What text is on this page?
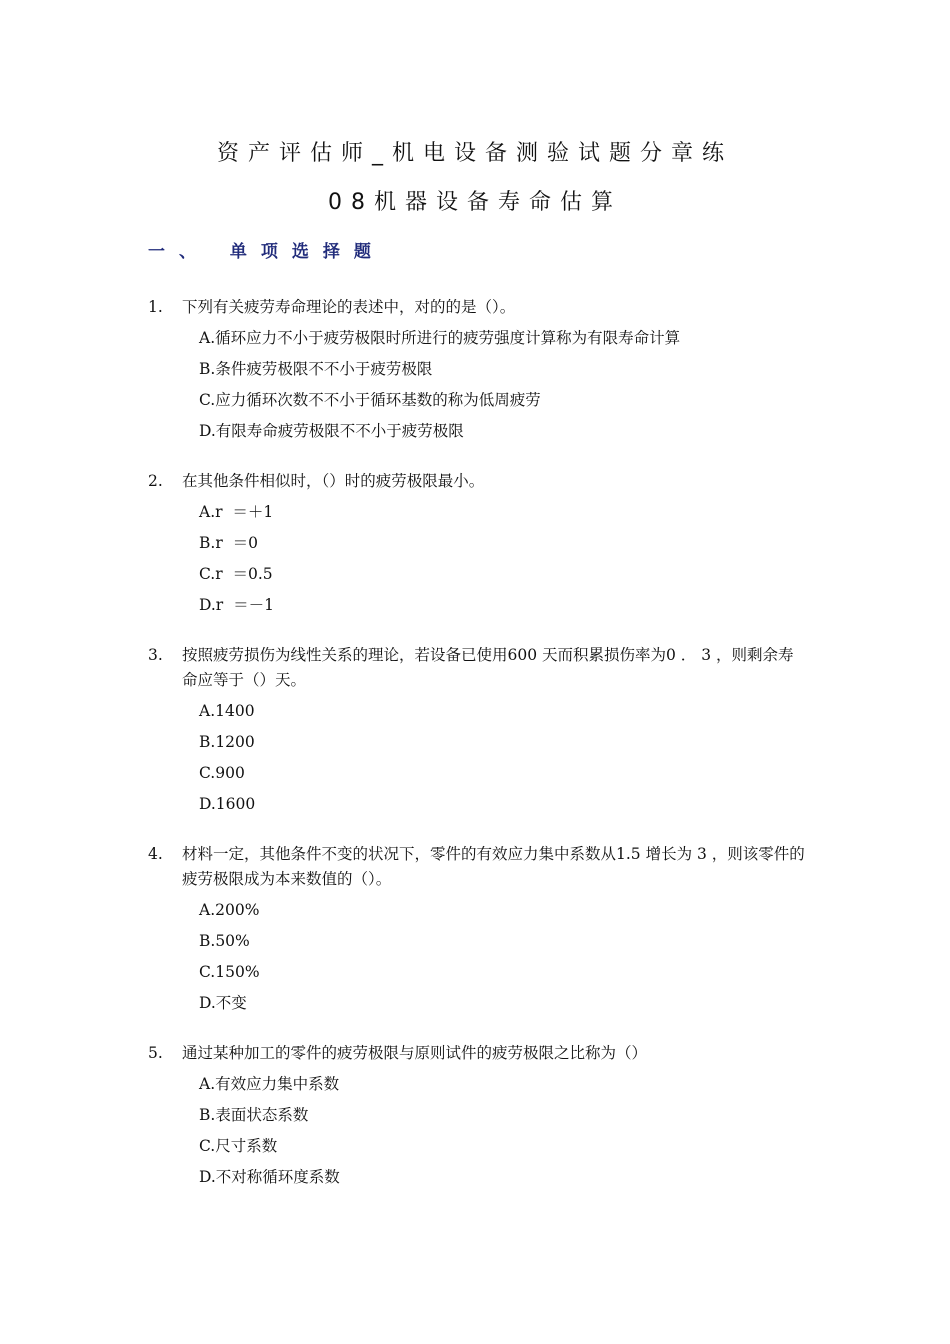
资产评估师_机电设备测验试题分章练
08机器设备寿命估算
一、 单项选择题
1.	下列有关疲劳寿命理论的表述中，对的的是（）。
A.循环应力不小于疲劳极限时所进行的疲劳强度计算称为有限寿命计算
B.条件疲劳极限不不小于疲劳极限
C.应力循环次数不不小于循环基数的称为低周疲劳
D.有限寿命疲劳极限不不小于疲劳极限
2.	在其他条件相似时，（）时的疲劳极限最小。
A.r  ＝＋1
B.r  ＝0
C.r  ＝0.5
D.r  ＝－1
3.	按照疲劳损伤为线性关系的理论，若设备已使用600 天而积累损伤率为0 ． 3 ，则剩余寿命应等于（）天。
A.1400
B.1200
C.900
D.1600
4.	材料一定，其他条件不变的状况下，零件的有效应力集中系数从1.5 增长为 3 ，则该零件的疲劳极限成为本来数值的（）。
A.200%
B.50%
C.150%
D.不变
5.	通过某种加工的零件的疲劳极限与原则试件的疲劳极限之比称为（）
A.有效应力集中系数
B.表面状态系数
C.尺寸系数
D.不对称循环度系数
